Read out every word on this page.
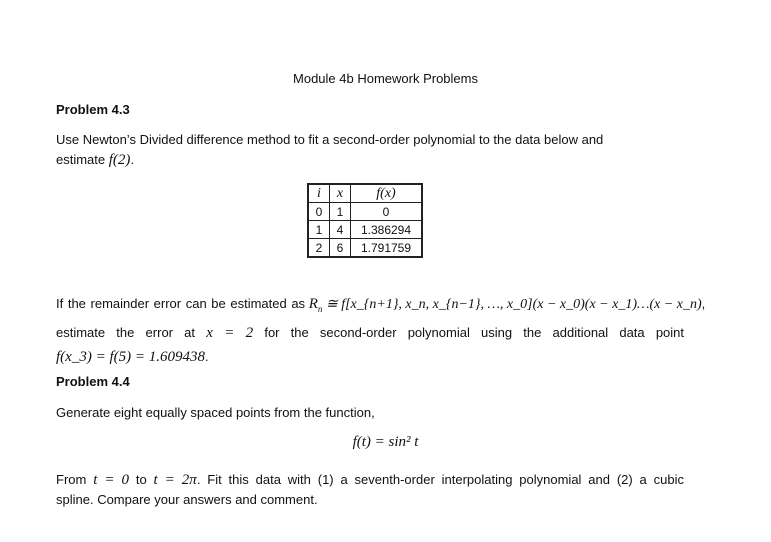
Module 4b Homework Problems
Problem 4.3
Use Newton’s Divided difference method to fit a second-order polynomial to the data below and
estimate f(2).
i	x	f(x)
0	1	0
1	4	1.386294
2	6	1.791759
If the remainder error can be estimated as $R_n$ ≅ f[x_{n+1}, x_n, x_{n−1}, …, x_0](x − x_0)(x − x_1)…(x − x_n),
estimate the error at x = 2 for the second-order polynomial using the additional data point
f(x_3) = f(5) = 1.609438.
Problem 4.4
Generate eight equally spaced points from the function,
f(t) = sin² t
From t = 0 to t = 2π. Fit this data with (1) a seventh-order interpolating polynomial and (2) a cubic
spline. Compare your answers and comment.
